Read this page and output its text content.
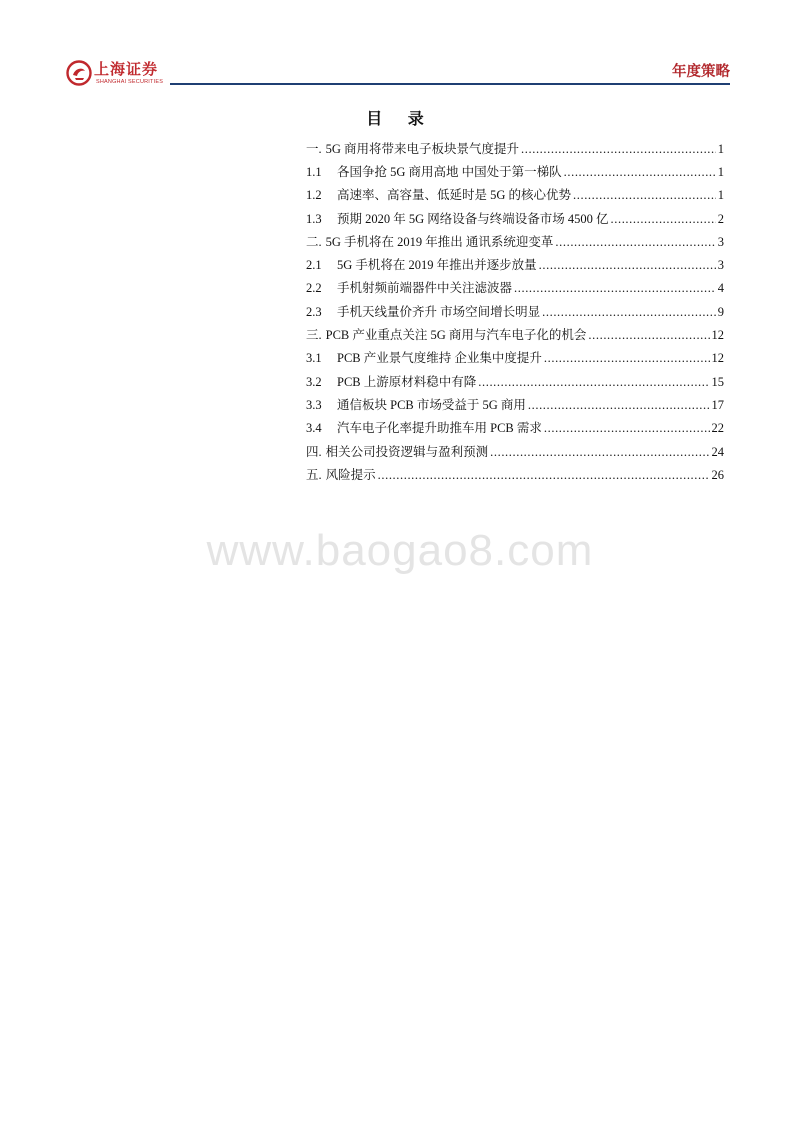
上海证券
SHANGHAI SECURITIES
年度策略
目 录
一. 5G 商用将带来电子板块景气度提升 .....	1
1.1	各国争抢 5G 商用高地 中国处于第一梯队 .....	1
1.2	高速率、高容量、低延时是 5G 的核心优势 .....	1
1.3	预期 2020 年 5G 网络设备与终端设备市场 4500 亿 .....	2
二. 5G 手机将在 2019 年推出 通讯系统迎变革 .....	3
2.1	5G 手机将在 2019 年推出并逐步放量 .....	3
2.2	手机射频前端器件中关注滤波器 .....	4
2.3	手机天线量价齐升 市场空间增长明显 .....	9
三. PCB 产业重点关注 5G 商用与汽车电子化的机会 .....	12
3.1	PCB 产业景气度维持 企业集中度提升 .....	12
3.2	PCB 上游原材料稳中有降 .....	15
3.3	通信板块 PCB 市场受益于 5G 商用 .....	17
3.4	汽车电子化率提升助推车用 PCB 需求 .....	22
四. 相关公司投资逻辑与盈利预测 .....	24
五. 风险提示 .....	26
www.baogao8.com
